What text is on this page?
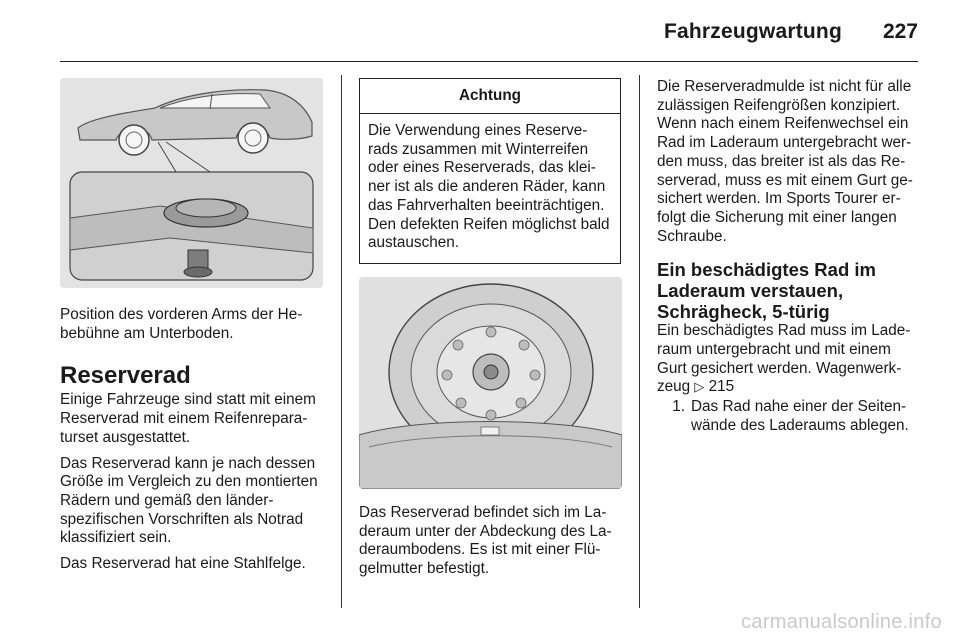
Fahrzeugwartung 227

Position des vorderen Arms der Hebebühne am Unterboden.

Reserverad

Einige Fahrzeuge sind statt mit einem Reserverad mit einem Reifenreparaturset ausgestattet.

Das Reserverad kann je nach dessen Größe im Vergleich zu den montierten Rädern und gemäß den länderspezifischen Vorschriften als Notrad klassifiziert sein.

Das Reserverad hat eine Stahlfelge.

Achtung

Die Verwendung eines Reserverads zusammen mit Winterreifen oder eines Reserverads, das kleiner ist als die anderen Räder, kann das Fahrverhalten beeinträchtigen. Den defekten Reifen möglichst bald austauschen.

Das Reserverad befindet sich im Laderaum unter der Abdeckung des Laderaumbodens. Es ist mit einer Flügelmutter befestigt.

Die Reserveradmulde ist nicht für alle zulässigen Reifengrößen konzipiert. Wenn nach einem Reifenwechsel ein Rad im Laderaum untergebracht werden muss, das breiter ist als das Reserverad, muss es mit einem Gurt gesichert werden. Im Sports Tourer erfolgt die Sicherung mit einer langen Schraube.

Ein beschädigtes Rad im Laderaum verstauen, Schrägheck, 5-türig

Ein beschädigtes Rad muss im Laderaum untergebracht und mit einem Gurt gesichert werden. Wagenwerkzeug ▷ 215

1. Das Rad nahe einer der Seitenwände des Laderaums ablegen.
carmanualsonline.info
